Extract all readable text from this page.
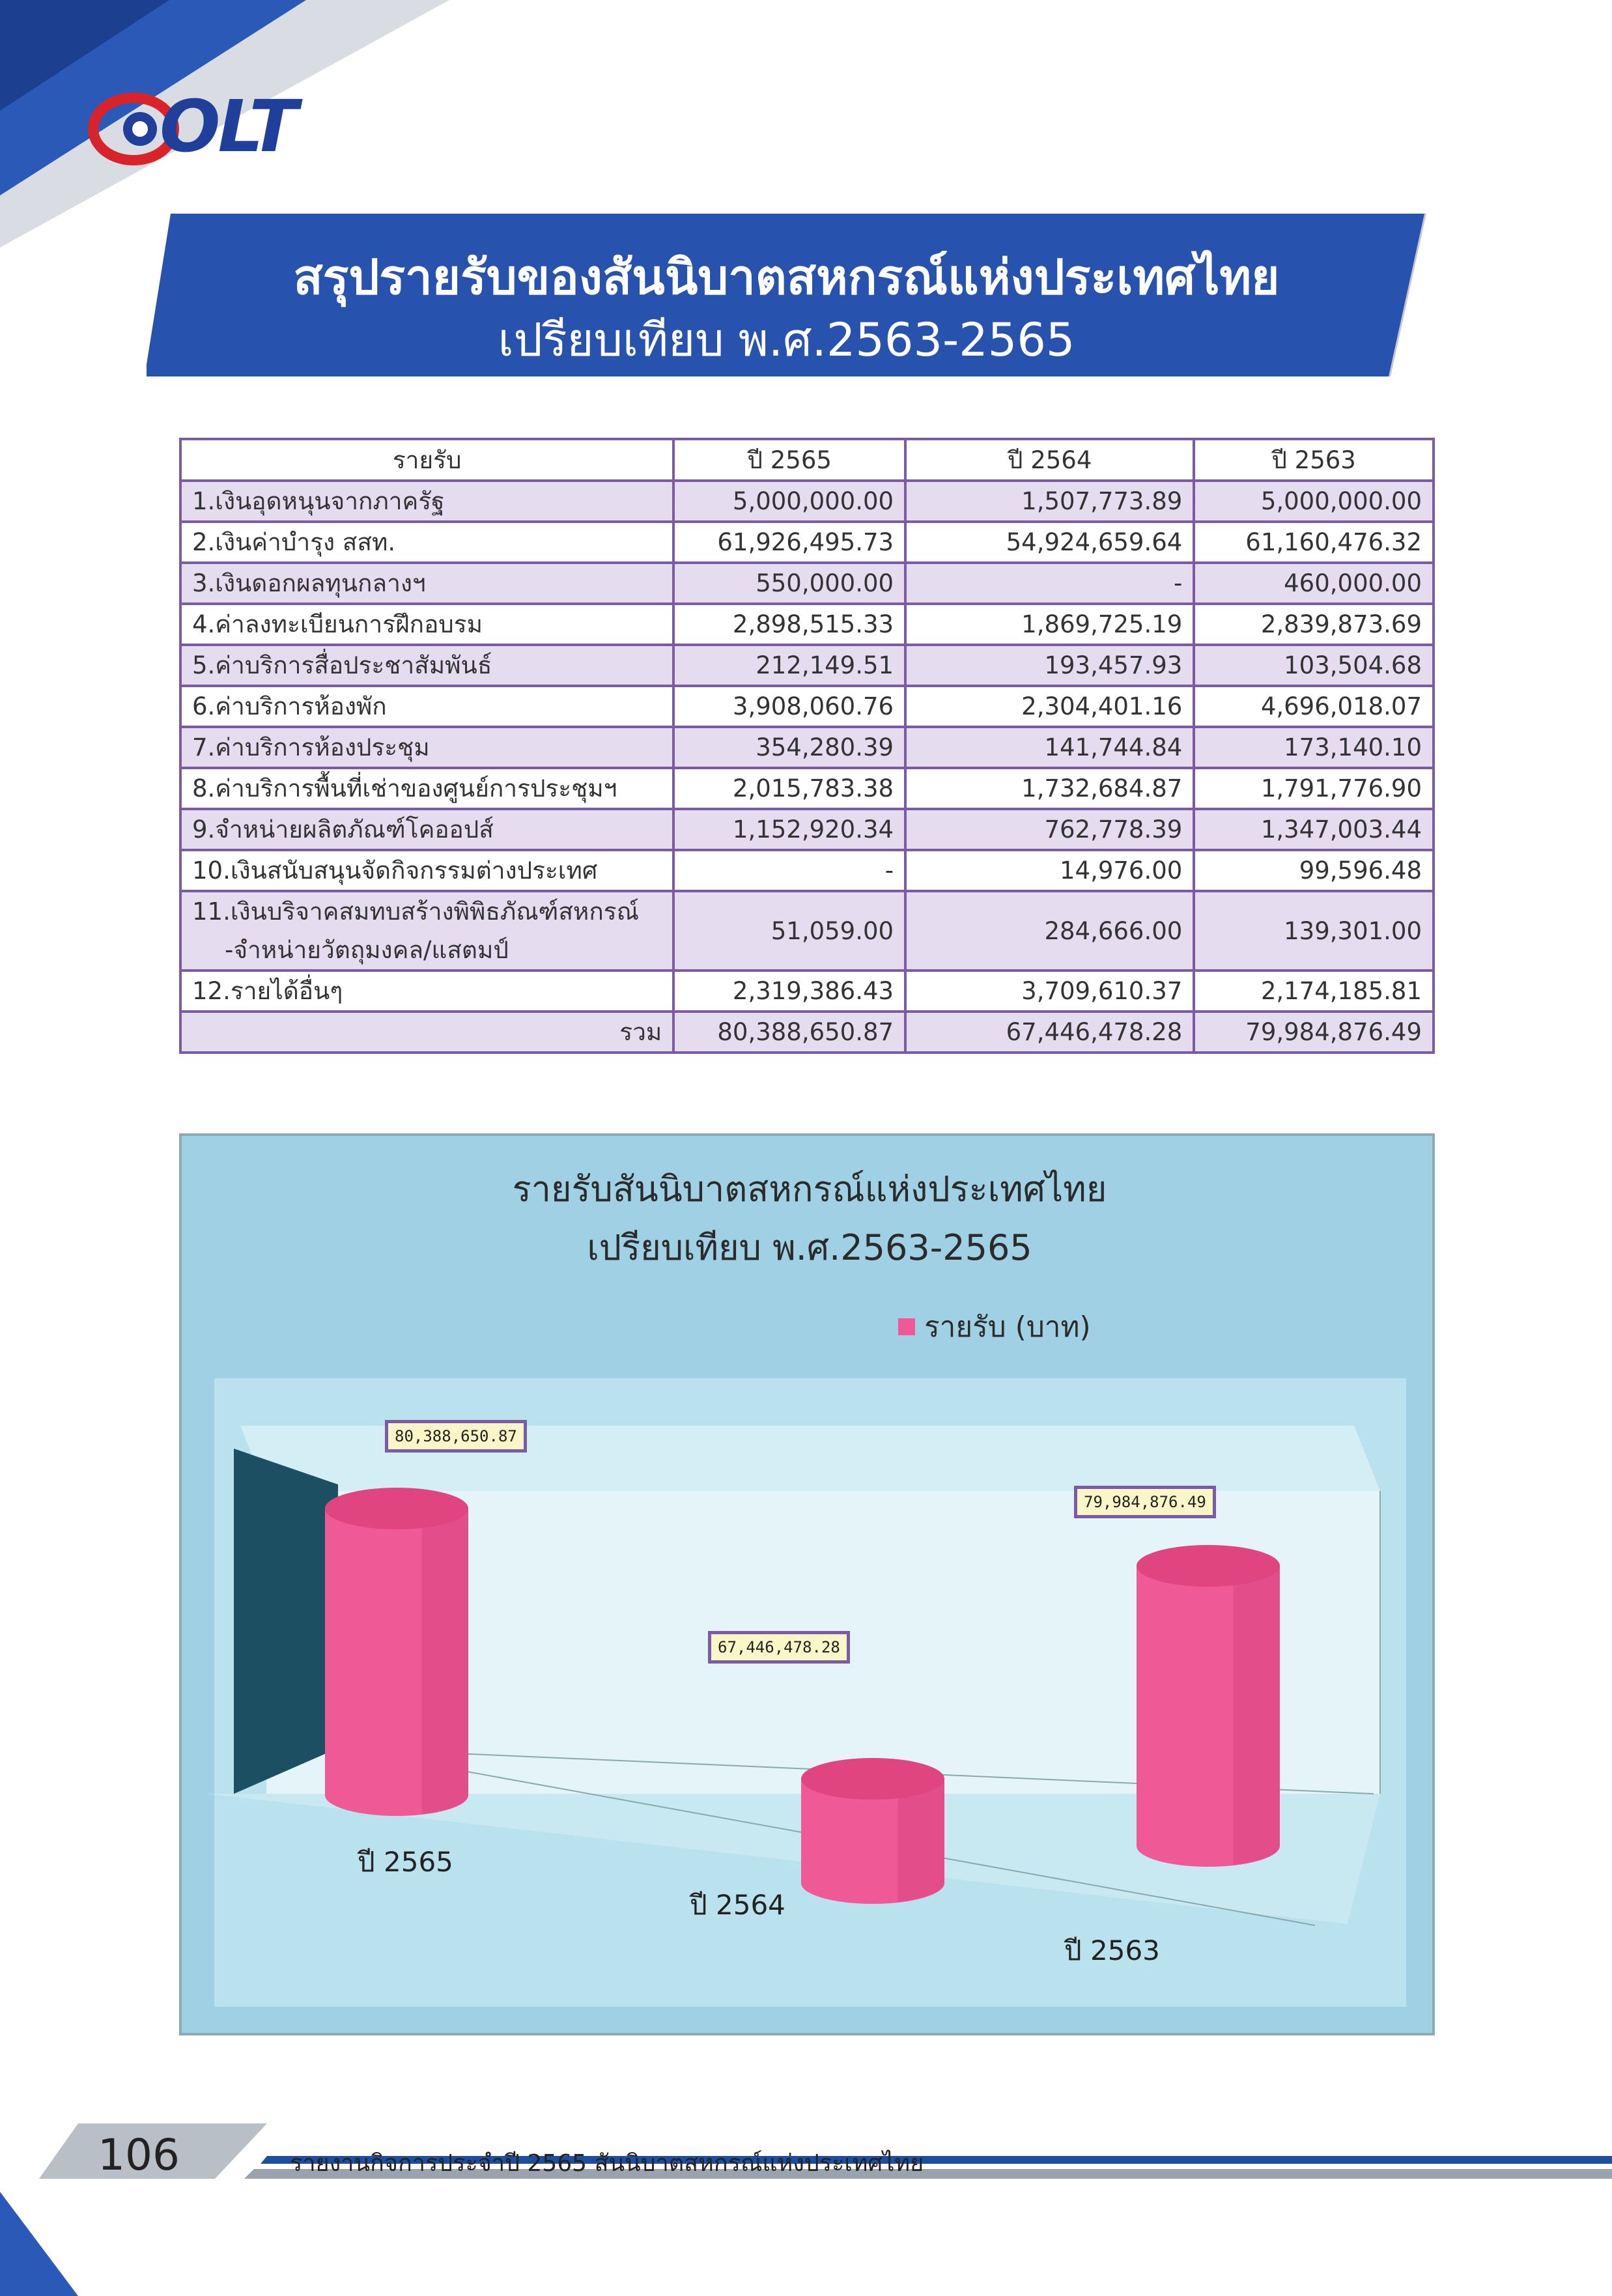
OLT
สรุปรายรับของสันนิบาตสหกรณ์แห่งประเทศไทย
เปรียบเทียบ พ.ศ.2563-2565
รายรับ	ปี 2565	ปี 2564	ปี 2563
1.เงินอุดหนุนจากภาครัฐ	5,000,000.00	1,507,773.89	5,000,000.00
2.เงินค่าบำรุง สสท.	61,926,495.73	54,924,659.64	61,160,476.32
3.เงินดอกผลทุนกลางฯ	550,000.00	-	460,000.00
4.ค่าลงทะเบียนการฝึกอบรม	2,898,515.33	1,869,725.19	2,839,873.69
5.ค่าบริการสื่อประชาสัมพันธ์	212,149.51	193,457.93	103,504.68
6.ค่าบริการห้องพัก	3,908,060.76	2,304,401.16	4,696,018.07
7.ค่าบริการห้องประชุม	354,280.39	141,744.84	173,140.10
8.ค่าบริการพื้นที่เช่าของศูนย์การประชุมฯ	2,015,783.38	1,732,684.87	1,791,776.90
9.จำหน่ายผลิตภัณฑ์โคออปส์	1,152,920.34	762,778.39	1,347,003.44
10.เงินสนับสนุนจัดกิจกรรมต่างประเทศ	-	14,976.00	99,596.48
11.เงินบริจาคสมทบสร้างพิพิธภัณฑ์สหกรณ์
-จำหน่ายวัตถุมงคล/แสตมป์	51,059.00	284,666.00	139,301.00
12.รายได้อื่นๆ	2,319,386.43	3,709,610.37	2,174,185.81
รวม	80,388,650.87	67,446,478.28	79,984,876.49
รายรับสันนิบาตสหกรณ์แห่งประเทศไทย
เปรียบเทียบ พ.ศ.2563-2565
รายรับ (บาท)
80,388,650.87
67,446,478.28
79,984,876.49
ปี 2565
ปี 2564
ปี 2563
106	รายงานกิจการประจำปี 2565 สันนิบาตสหกรณ์แห่งประเทศไทย
